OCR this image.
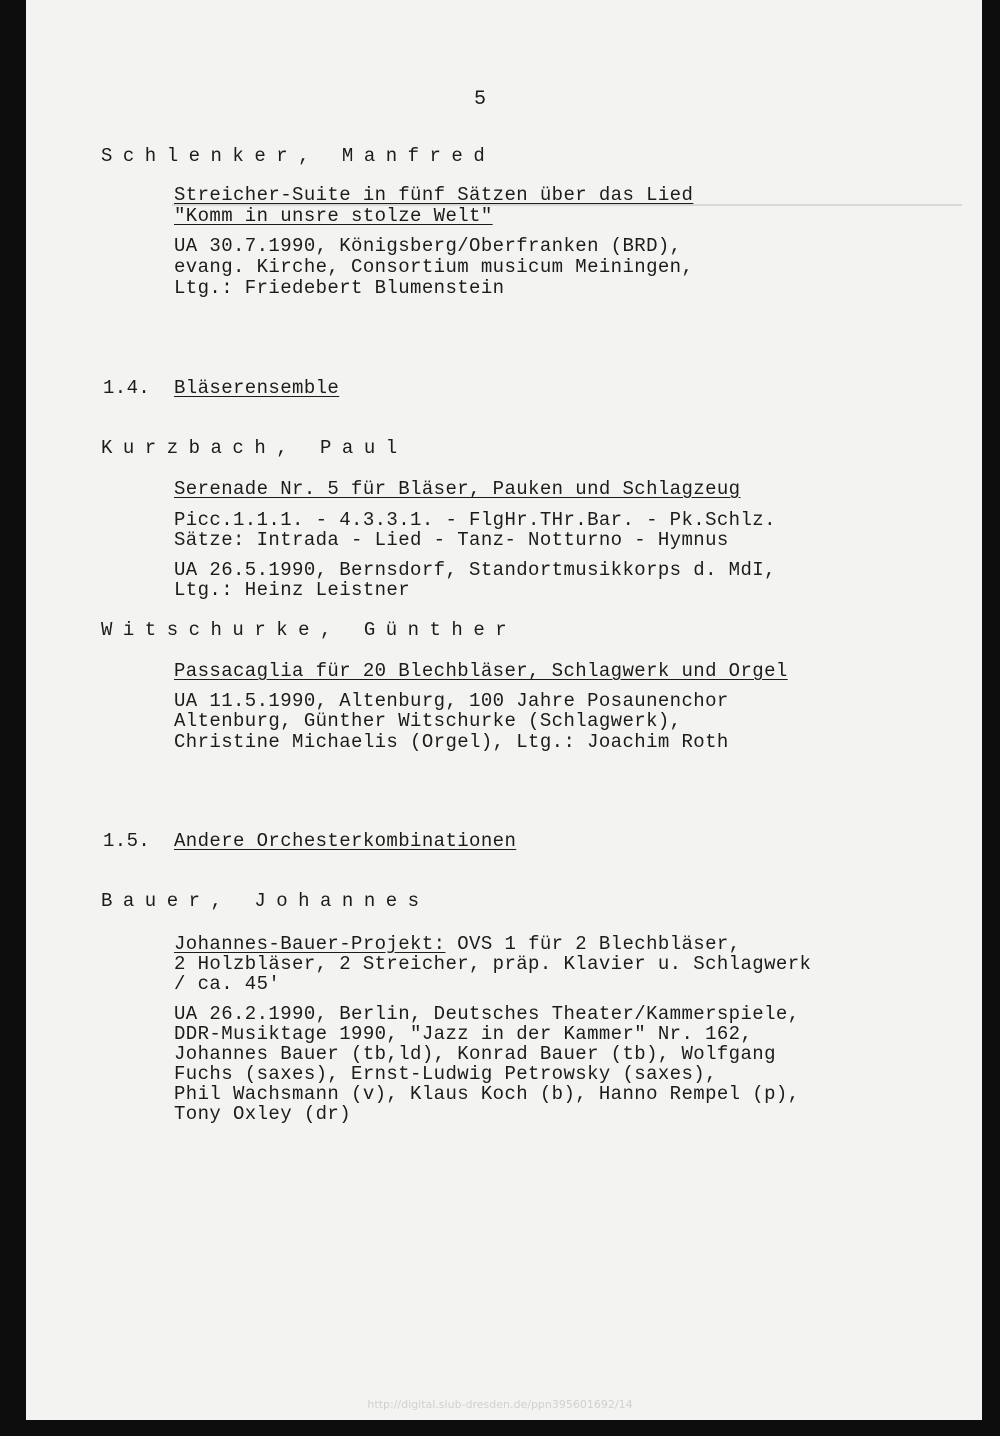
5
Schlenker, Manfred
Streicher-Suite in fünf Sätzen über das Lied
"Komm in unsre stolze Welt"
UA 30.7.1990, Königsberg/Oberfranken (BRD),
evang. Kirche, Consortium musicum Meiningen,
Ltg.: Friedebert Blumenstein
1.4. Bläserensemble
Kurzbach, Paul
Serenade Nr. 5 für Bläser, Pauken und Schlagzeug
Picc.1.1.1. - 4.3.3.1. - FlgHr.THr.Bar. - Pk.Schlz.
Sätze: Intrada - Lied - Tanz- Notturno - Hymnus
UA 26.5.1990, Bernsdorf, Standortmusikkorps d. MdI,
Ltg.: Heinz Leistner
Witschurke, Günther
Passacaglia für 20 Blechbläser, Schlagwerk und Orgel
UA 11.5.1990, Altenburg, 100 Jahre Posaunenchor
Altenburg, Günther Witschurke (Schlagwerk),
Christine Michaelis (Orgel), Ltg.: Joachim Roth
1.5. Andere Orchesterkombinationen
Bauer, Johannes
Johannes-Bauer-Projekt: OVS 1 für 2 Blechbläser,
2 Holzbläser, 2 Streicher, präp. Klavier u. Schlagwerk
/ ca. 45'
UA 26.2.1990, Berlin, Deutsches Theater/Kammerspiele,
DDR-Musiktage 1990, "Jazz in der Kammer" Nr. 162,
Johannes Bauer (tb,ld), Konrad Bauer (tb), Wolfgang
Fuchs (saxes), Ernst-Ludwig Petrowsky (saxes),
Phil Wachsmann (v), Klaus Koch (b), Hanno Rempel (p),
Tony Oxley (dr)
http://digital.slub-dresden.de/ppn395601692/14
